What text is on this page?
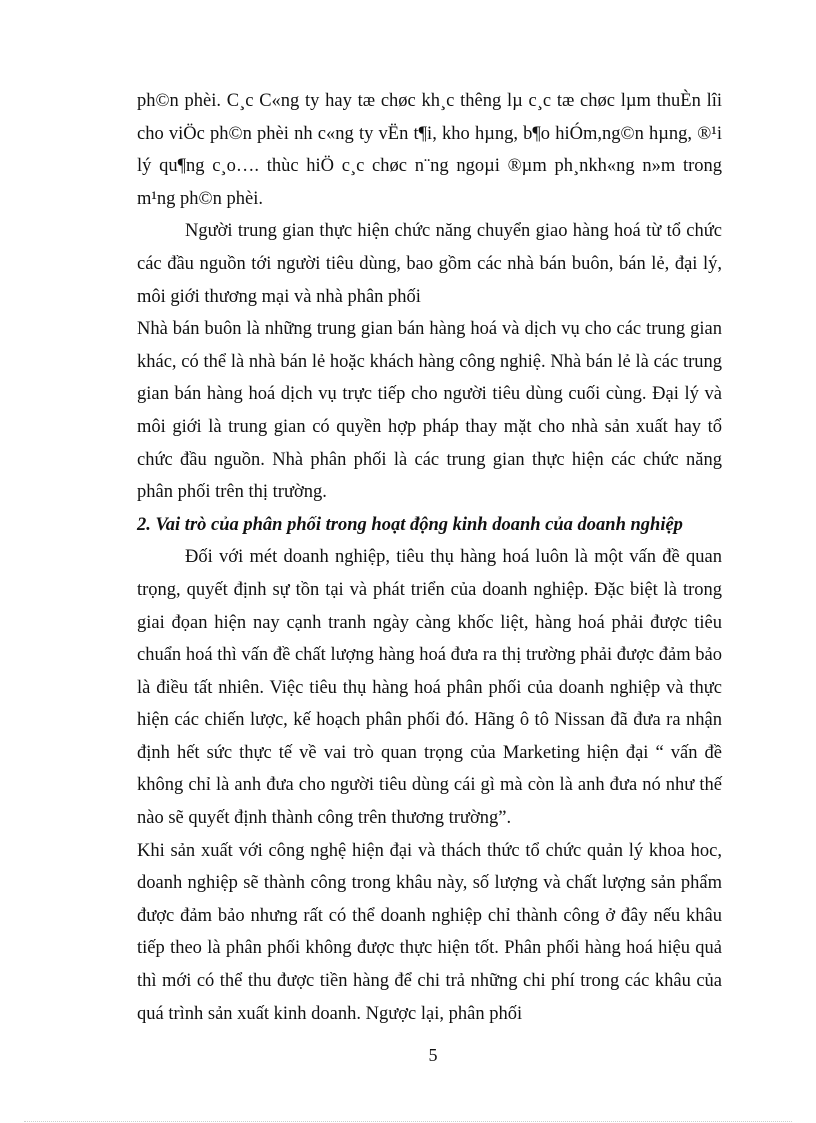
ph©n phèi. C¸c C«ng ty hay tæ chøc kh¸c thêng lµ c¸c tæ chøc lµm thuÈn lîi cho viÖc ph©n phèi nh c«ng ty vËn t¶i, kho hµng, b¶o hiÓm,ng©n hµng, ®¹i lý qu¶ng c¸o…. thùc hiÖ c¸c chøc n¨ng ngoµi ®µm ph¸nkh«ng n»m trong m¹ng ph©n phèi.

Người trung gian thực hiện chức năng chuyển giao hàng hoá từ tổ chức các đầu nguồn tới người tiêu dùng, bao gồm các nhà bán buôn, bán lẻ, đại lý, môi giới thương mại và nhà phân phối

Nhà bán buôn là những trung gian bán hàng hoá và dịch vụ cho các trung gian khác, có thể là nhà bán lẻ hoặc khách hàng công nghiệ. Nhà bán lẻ là các trung gian bán hàng hoá dịch vụ trực tiếp cho người tiêu dùng cuối cùng. Đại lý và môi giới là trung gian có quyền hợp pháp thay mặt cho nhà sản xuất hay tổ chức đầu nguồn. Nhà phân phối là các trung gian thực hiện các chức năng phân phối trên thị trường.

2. Vai trò của phân phối trong hoạt động kinh doanh của doanh nghiệp

Đối với mét doanh nghiệp, tiêu thụ hàng hoá luôn là một vấn đề quan trọng, quyết định sự tồn tại và phát triển của doanh nghiệp. Đặc biệt là trong giai đọan hiện nay cạnh tranh ngày càng khốc liệt, hàng hoá phải được tiêu chuẩn hoá thì vấn đề chất lượng hàng hoá đưa ra thị trường phải được đảm bảo là điều tất nhiên. Việc tiêu thụ hàng hoá phân phối của doanh nghiệp và thực hiện các chiến lược, kế hoạch phân phối đó. Hãng ô tô Nissan đã đưa ra nhận định hết sức thực tế về vai trò quan trọng của Marketing hiện đại “ vấn đề không chỉ là anh đưa cho người tiêu dùng cái gì mà còn là anh đưa nó như thế nào sẽ quyết định thành công trên thương trường”.

Khi sản xuất với công nghệ hiện đại và thách thức tổ chức quản lý khoa hoc, doanh nghiệp sẽ thành công trong khâu này, số lượng và chất lượng sản phẩm được đảm bảo nhưng rất có thể doanh nghiệp chỉ thành công ở đây nếu khâu tiếp theo là phân phối không được thực hiện tốt. Phân phối hàng hoá hiệu quả thì mới có thể thu được tiền hàng để chi trả những chi phí trong các khâu của quá trình sản xuất kinh doanh. Ngược lại, phân phối

5
